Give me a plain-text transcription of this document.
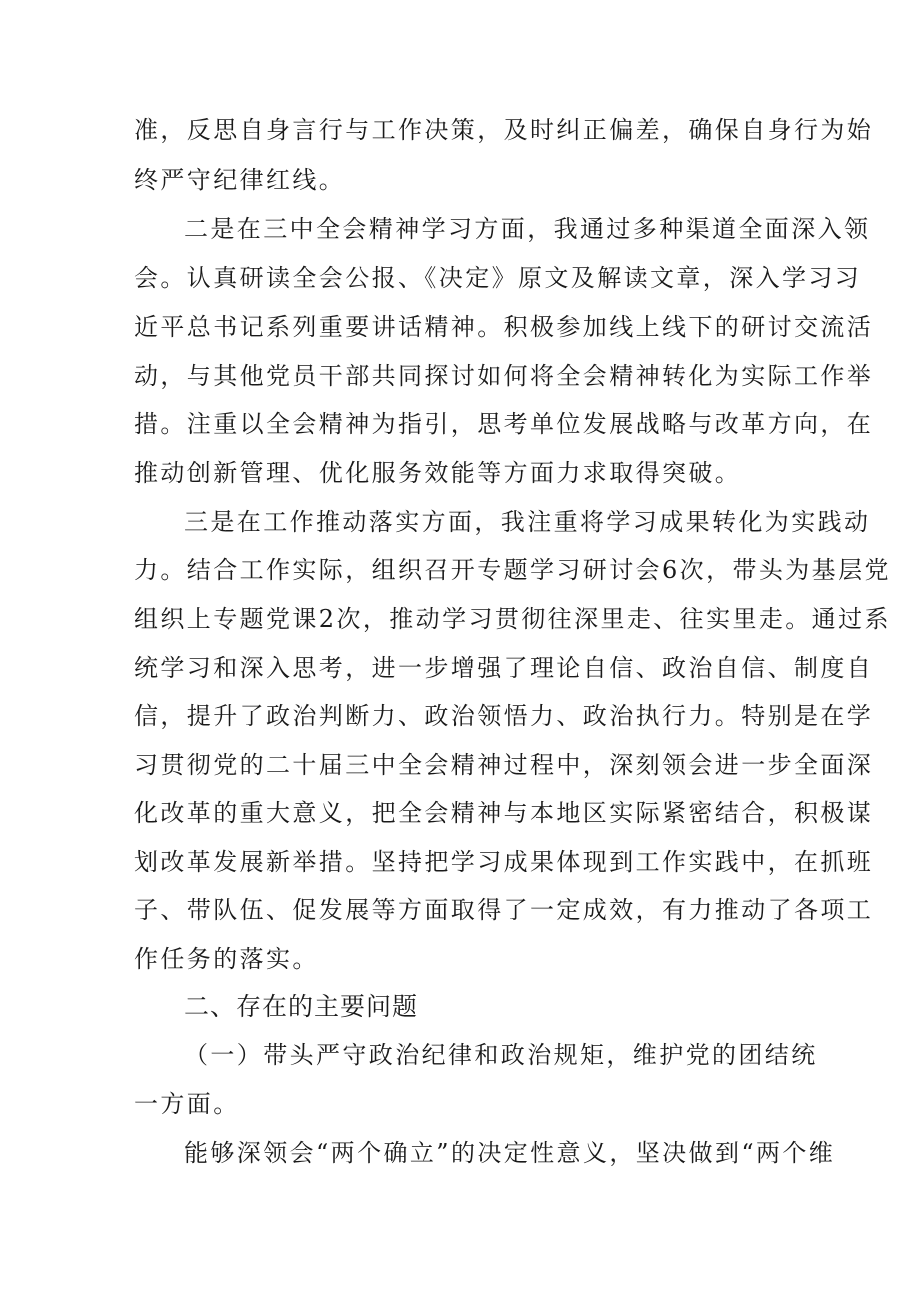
准，反思自身言行与工作决策，及时纠正偏差，确保自身行为始
终严守纪律红线。
二是在三中全会精神学习方面，我通过多种渠道全面深入领
会。认真研读全会公报、《决定》原文及解读文章，深入学习习
近平总书记系列重要讲话精神。积极参加线上线下的研讨交流活
动，与其他党员干部共同探讨如何将全会精神转化为实际工作举
措。注重以全会精神为指引，思考单位发展战略与改革方向，在
推动创新管理、优化服务效能等方面力求取得突破。
三是在工作推动落实方面，我注重将学习成果转化为实践动
力。结合工作实际，组织召开专题学习研讨会6次，带头为基层党
组织上专题党课2次，推动学习贯彻往深里走、往实里走。通过系
统学习和深入思考，进一步增强了理论自信、政治自信、制度自
信，提升了政治判断力、政治领悟力、政治执行力。特别是在学
习贯彻党的二十届三中全会精神过程中，深刻领会进一步全面深
化改革的重大意义，把全会精神与本地区实际紧密结合，积极谋
划改革发展新举措。坚持把学习成果体现到工作实践中，在抓班
子、带队伍、促发展等方面取得了一定成效，有力推动了各项工
作任务的落实。
二、存在的主要问题
（一）带头严守政治纪律和政治规矩，维护党的团结统
一方面。
能够深领会“两个确立”的决定性意义，坚决做到“两个维
